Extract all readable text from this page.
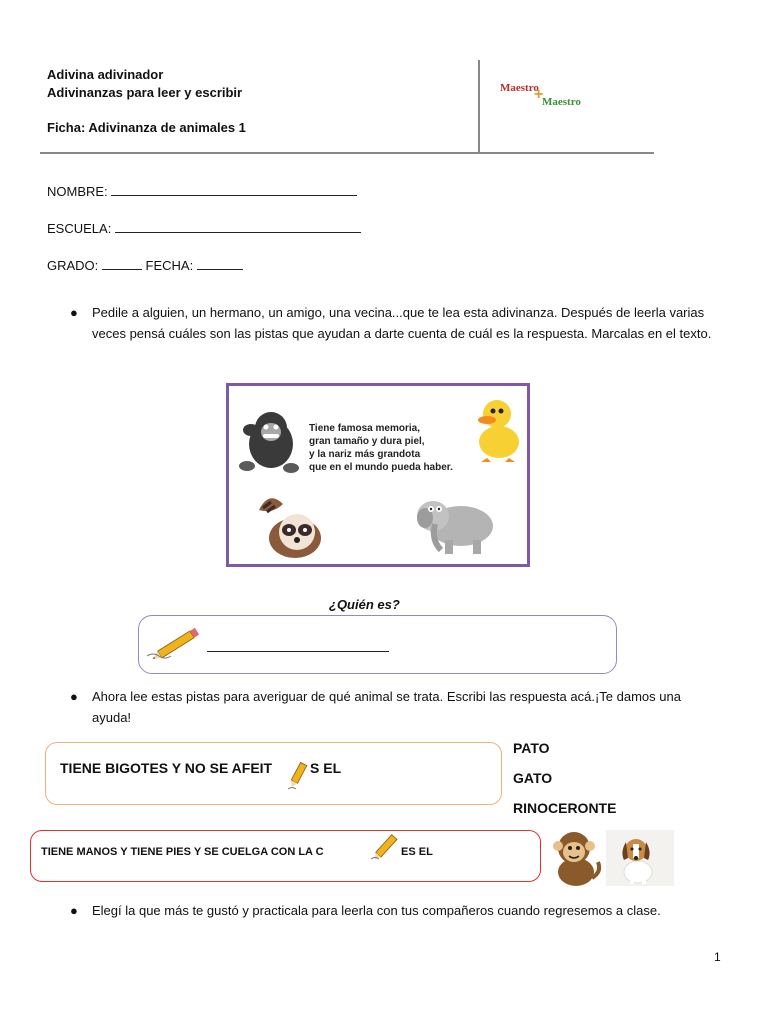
Adivina adivinador
Adivinanzas para leer y escribir
Ficha: Adivinanza de animales 1
Maestro
+
Maestro
NOMBRE:
ESCUELA:
GRADO:	FECHA:
● Pedile a alguien, un hermano, un amigo, una vecina...que te lea esta adivinanza. Después de leerla varias veces pensá cuáles son las pistas que ayudan a darte cuenta de cuál es la respuesta. Marcalas en el texto.
Tiene famosa memoria,
gran tamaño y dura piel,
y la nariz más grandota
que en el mundo pueda haber.
¿Quién es?
● Ahora lee estas pistas para averiguar de qué animal se trata. Escribi las respuesta acá.¡Te damos una ayuda!
TIENE BIGOTES Y NO SE AFEIT	S EL
PATO
GATO
RINOCERONTE
TIENE MANOS Y TIENE PIES Y SE CUELGA CON LA C	ES EL
● Elegí la que más te gustó y practicala para leerla con tus compañeros cuando regresemos a clase.
1
